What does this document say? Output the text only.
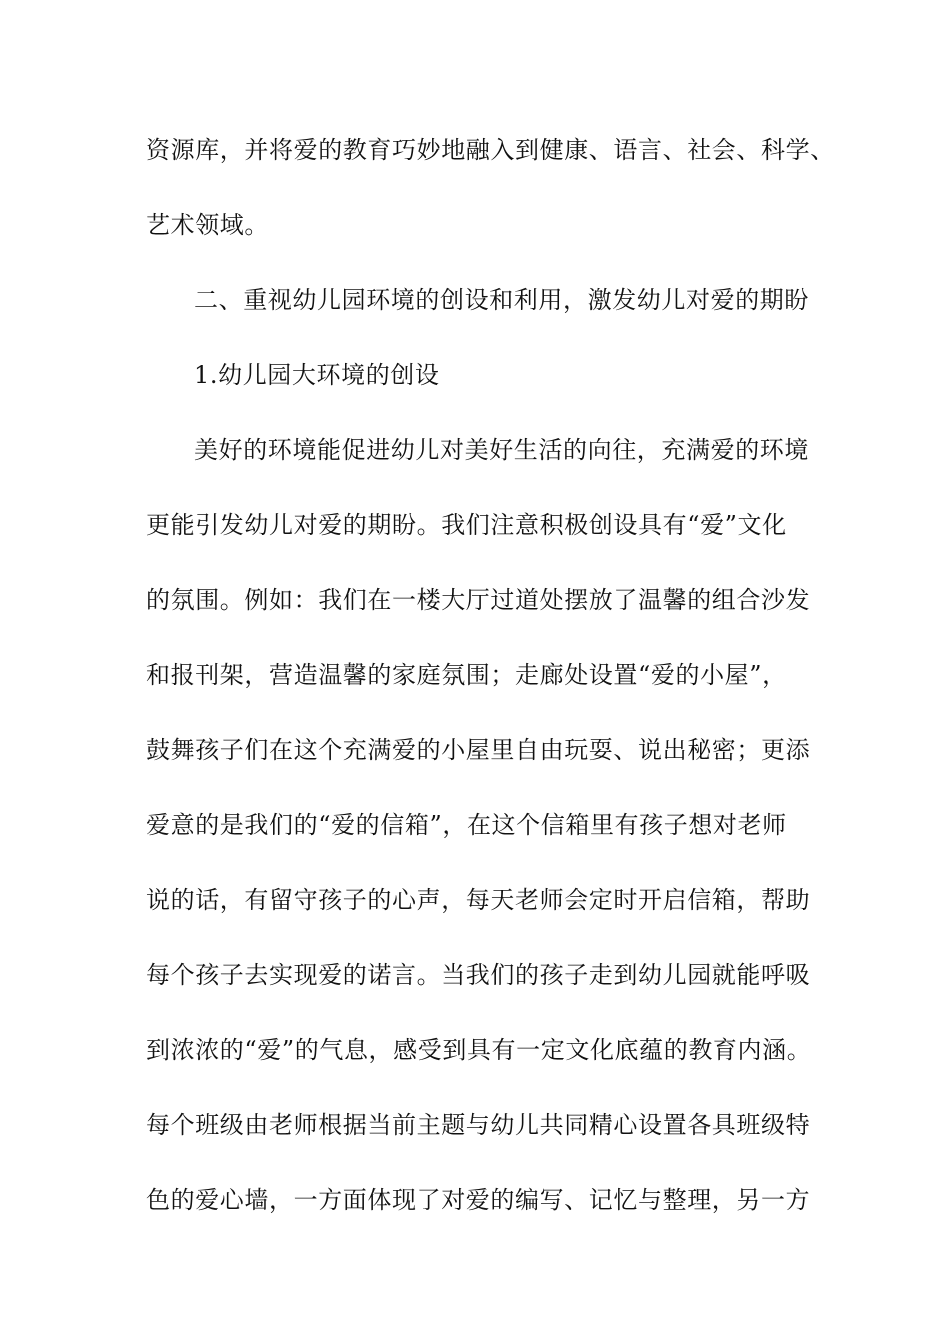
资源库，并将爱的教育巧妙地融入到健康、语言、社会、科学、
艺术领域。
二、重视幼儿园环境的创设和利用，激发幼儿对爱的期盼
1.幼儿园大环境的创设
美好的环境能促进幼儿对美好生活的向往，充满爱的环境
更能引发幼儿对爱的期盼。我们注意积极创设具有“爱”文化
的氛围。例如：我们在一楼大厅过道处摆放了温馨的组合沙发
和报刊架，营造温馨的家庭氛围；走廊处设置“爱的小屋”，
鼓舞孩子们在这个充满爱的小屋里自由玩耍、说出秘密；更添
爱意的是我们的“爱的信箱”，在这个信箱里有孩子想对老师
说的话，有留守孩子的心声，每天老师会定时开启信箱，帮助
每个孩子去实现爱的诺言。当我们的孩子走到幼儿园就能呼吸
到浓浓的“爱”的气息，感受到具有一定文化底蕴的教育内涵。
每个班级由老师根据当前主题与幼儿共同精心设置各具班级特
色的爱心墙，一方面体现了对爱的编写、记忆与整理，另一方
